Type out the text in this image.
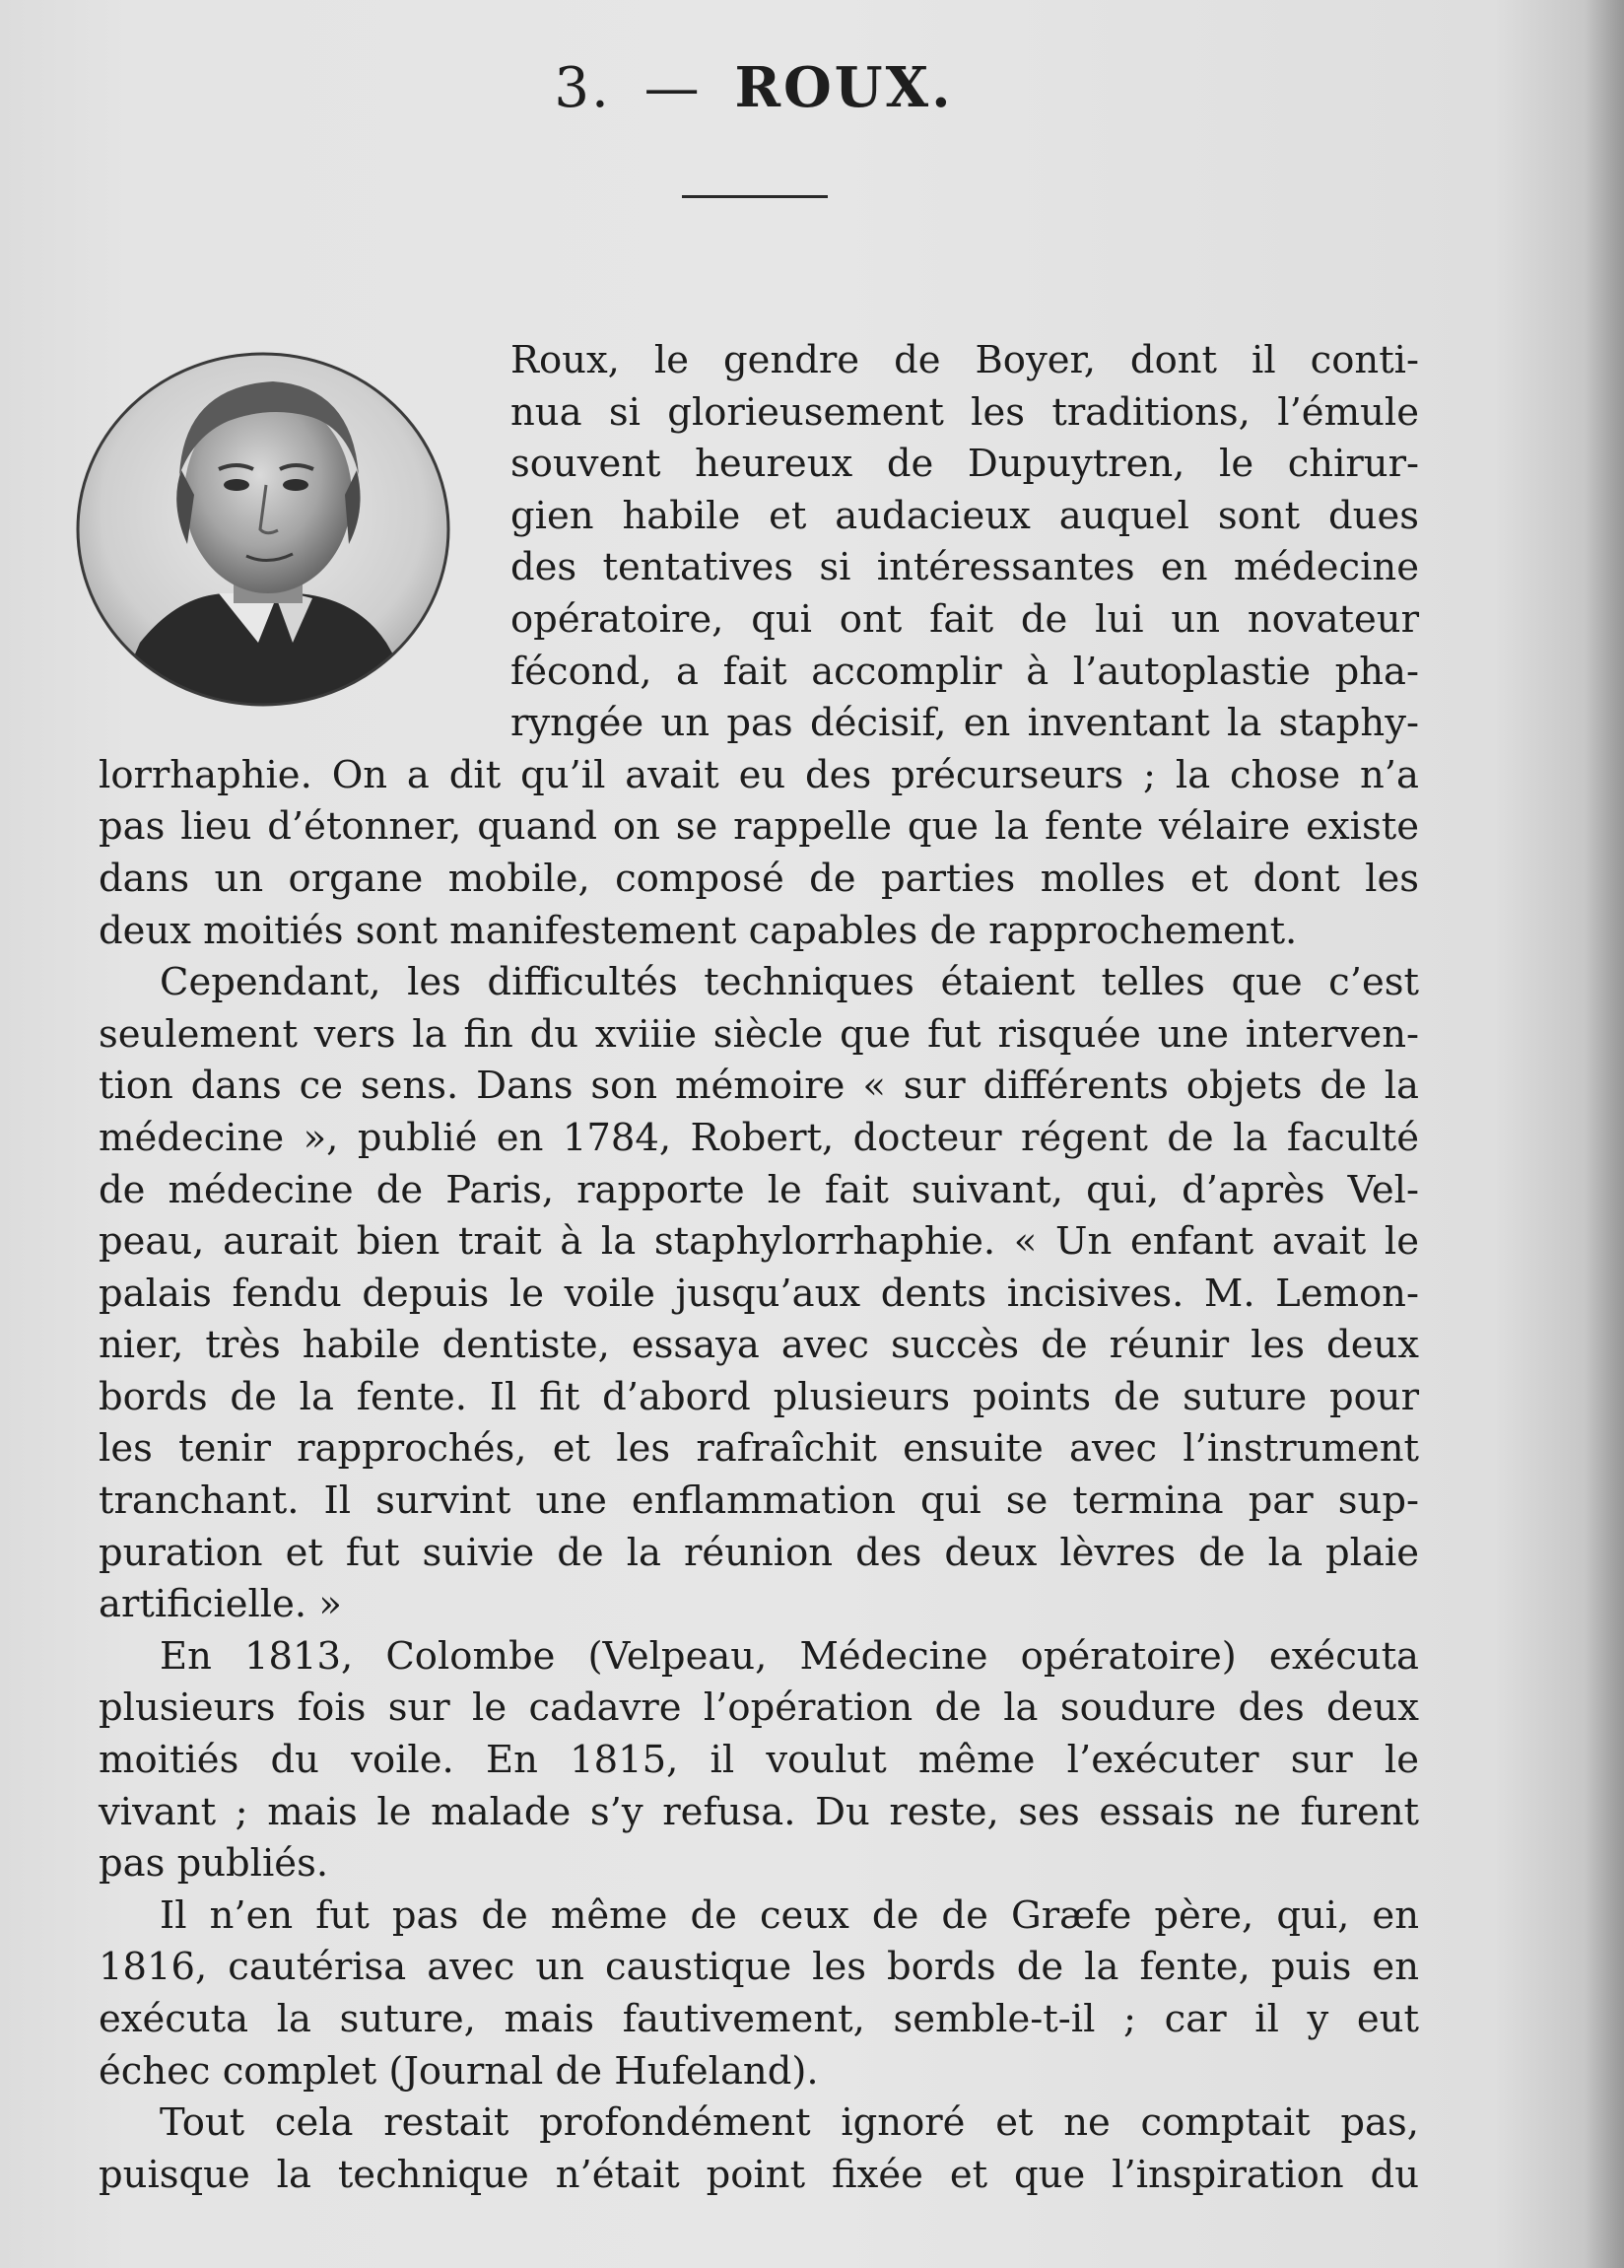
3. — ROUX.
Roux, le gendre de Boyer, dont il conti-
nua si glorieusement les traditions, l’émule
souvent heureux de Dupuytren, le chirur-
gien habile et audacieux auquel sont dues
des tentatives si intéressantes en médecine
opératoire, qui ont fait de lui un novateur
fécond, a fait accomplir à l’autoplastie pha-
ryngée un pas décisif, en inventant la staphy-
lorrhaphie. On a dit qu’il avait eu des précurseurs ; la chose n’a
pas lieu d’étonner, quand on se rappelle que la fente vélaire existe
dans un organe mobile, composé de parties molles et dont les
deux moitiés sont manifestement capables de rapprochement.
Cependant, les difficultés techniques étaient telles que c’est
seulement vers la fin du xviiie siècle que fut risquée une interven-
tion dans ce sens. Dans son mémoire « sur différents objets de la
médecine », publié en 1784, Robert, docteur régent de la faculté
de médecine de Paris, rapporte le fait suivant, qui, d’après Vel-
peau, aurait bien trait à la staphylorrhaphie. « Un enfant avait le
palais fendu depuis le voile jusqu’aux dents incisives. M. Lemon-
nier, très habile dentiste, essaya avec succès de réunir les deux
bords de la fente. Il fit d’abord plusieurs points de suture pour
les tenir rapprochés, et les rafraîchit ensuite avec l’instrument
tranchant. Il survint une enflammation qui se termina par sup-
puration et fut suivie de la réunion des deux lèvres de la plaie
artificielle. »
En 1813, Colombe (Velpeau, Médecine opératoire) exécuta
plusieurs fois sur le cadavre l’opération de la soudure des deux
moitiés du voile. En 1815, il voulut même l’exécuter sur le
vivant ; mais le malade s’y refusa. Du reste, ses essais ne furent
pas publiés.
Il n’en fut pas de même de ceux de de Græfe père, qui, en
1816, cautérisa avec un caustique les bords de la fente, puis en
exécuta la suture, mais fautivement, semble-t-il ; car il y eut
échec complet (Journal de Hufeland).
Tout cela restait profondément ignoré et ne comptait pas,
puisque la technique n’était point fixée et que l’inspiration du
